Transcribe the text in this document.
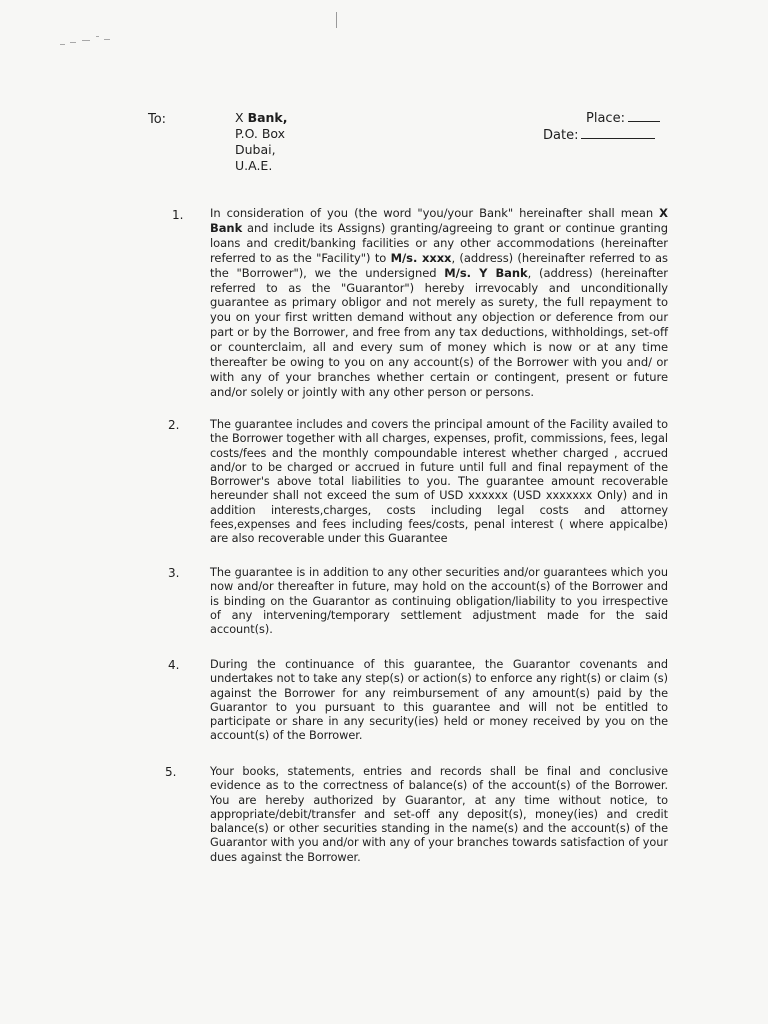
To:	X Bank,
P.O. Box
Dubai,
U.A.E.
Place:
Date:
1. In consideration of you (the word "you/your Bank" hereinafter shall mean X Bank and include its Assigns) granting/agreeing to grant or continue granting loans and credit/banking facilities or any other accommodations (hereinafter referred to as the "Facility") to M/s. xxxx, (address) (hereinafter referred to as the "Borrower"), we the undersigned M/s. Y Bank, (address) (hereinafter referred to as the "Guarantor") hereby irrevocably and unconditionally guarantee as primary obligor and not merely as surety, the full repayment to you on your first written demand without any objection or deference from our part or by the Borrower, and free from any tax deductions, withholdings, set-off or counterclaim, all and every sum of money which is now or at any time thereafter be owing to you on any account(s) of the Borrower with you and/ or with any of your branches whether certain or contingent, present or future and/or solely or jointly with any other person or persons.
2.	The guarantee includes and covers the principal amount of the Facility availed to the Borrower together with all charges, expenses, profit, commissions, fees, legal costs/fees and the monthly compoundable interest whether charged , accrued and/or to be charged or accrued in future until full and final repayment of the Borrower's above total liabilities to you. The guarantee amount recoverable hereunder shall not exceed the sum of USD xxxxxx (USD xxxxxxx Only) and in addition interests,charges, costs including legal costs and attorney fees,expenses and fees including fees/costs, penal interest ( where appicalbe) are also recoverable under this Guarantee
3.	The guarantee is in addition to any other securities and/or guarantees which you now and/or thereafter in future, may hold on the account(s) of the Borrower and is binding on the Guarantor as continuing obligation/liability to you irrespective of any intervening/temporary settlement adjustment made for the said account(s).
4.	During the continuance of this guarantee, the Guarantor covenants and undertakes not to take any step(s) or action(s) to enforce any right(s) or claim (s) against the Borrower for any reimbursement of any amount(s) paid by the Guarantor to you pursuant to this guarantee and will not be entitled to participate or share in any security(ies) held or money received by you on the account(s) of the Borrower.
5.	Your books, statements, entries and records shall be final and conclusive evidence as to the correctness of balance(s) of the account(s) of the Borrower. You are hereby authorized by Guarantor, at any time without notice, to appropriate/debit/transfer and set-off any deposit(s), money(ies) and credit balance(s) or other securities standing in the name(s) and the account(s) of the Guarantor with you and/or with any of your branches towards satisfaction of your dues against the Borrower.
